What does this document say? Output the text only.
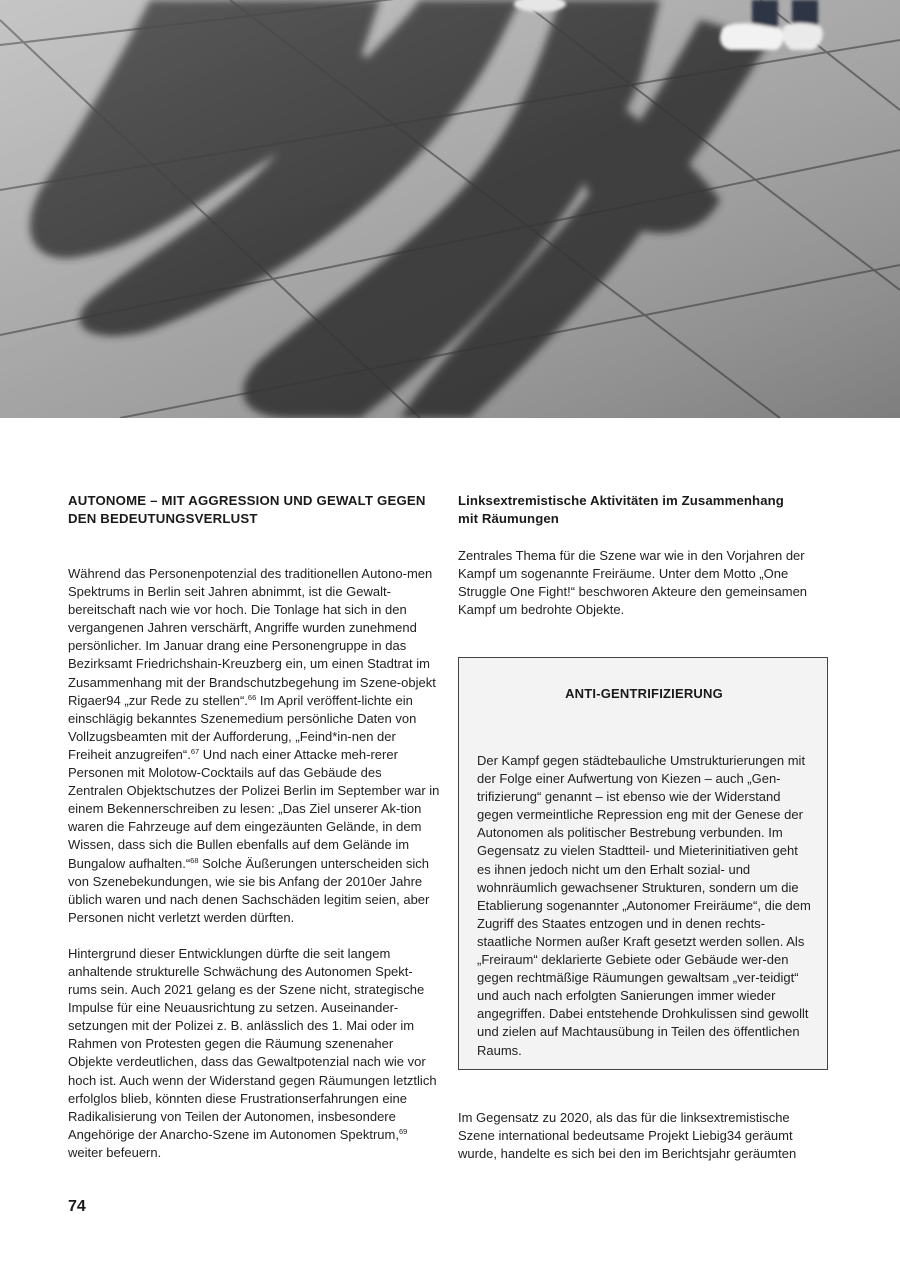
AUTONOME – MIT AGGRESSION UND GEWALT GEGEN
DEN BEDEUTUNGSVERLUST

Während das Personenpotenzial des traditionellen Autono-men Spektrums in Berlin seit Jahren abnimmt, ist die Gewalt-bereitschaft nach wie vor hoch. Die Tonlage hat sich in den vergangenen Jahren verschärft, Angriffe wurden zunehmend persönlicher. Im Januar drang eine Personengruppe in das Bezirksamt Friedrichshain-Kreuzberg ein, um einen Stadtrat im Zusammenhang mit der Brandschutzbegehung im Szene-objekt Rigaer94 „zur Rede zu stellen“.$^{66}$ Im April veröffent-lichte ein einschlägig bekanntes Szenemedium persönliche Daten von Vollzugsbeamten mit der Aufforderung, „Feind*in-nen der Freiheit anzugreifen“.$^{67}$ Und nach einer Attacke meh-rerer Personen mit Molotow-Cocktails auf das Gebäude des Zentralen Objektschutzes der Polizei Berlin im September war in einem Bekennerschreiben zu lesen: „Das Ziel unserer Ak-tion waren die Fahrzeuge auf dem eingezäunten Gelände, in dem Wissen, dass sich die Bullen ebenfalls auf dem Gelände im Bungalow aufhalten.“$^{68}$ Solche Äußerungen unterscheiden sich von Szenebekundungen, wie sie bis Anfang der 2010er Jahre üblich waren und nach denen Sachschäden legitim seien, aber Personen nicht verletzt werden dürften.

Hintergrund dieser Entwicklungen dürfte die seit langem anhaltende strukturelle Schwächung des Autonomen Spekt-rums sein. Auch 2021 gelang es der Szene nicht, strategische Impulse für eine Neuausrichtung zu setzen. Auseinander-setzungen mit der Polizei z. B. anlässlich des 1. Mai oder im Rahmen von Protesten gegen die Räumung szenenaher Objekte verdeutlichen, dass das Gewaltpotenzial nach wie vor hoch ist. Auch wenn der Widerstand gegen Räumungen letztlich erfolglos blieb, könnten diese Frustrationserfahrungen eine Radikalisierung von Teilen der Autonomen, insbesondere Angehörige der Anarcho-Szene im Autonomen Spektrum,$^{69}$ weiter befeuern.

Linksextremistische Aktivitäten im Zusammenhang
mit Räumungen

Zentrales Thema für die Szene war wie in den Vorjahren der Kampf um sogenannte Freiräume. Unter dem Motto „One Struggle One Fight!“ beschworen Akteure den gemeinsamen Kampf um bedrohte Objekte.

ANTI-GENTRIFIZIERUNG

Der Kampf gegen städtebauliche Umstrukturierungen mit der Folge einer Aufwertung von Kiezen – auch „Gen-trifizierung“ genannt – ist ebenso wie der Widerstand gegen vermeintliche Repression eng mit der Genese der Autonomen als politischer Bestrebung verbunden. Im Gegensatz zu vielen Stadtteil- und Mieterinitiativen geht es ihnen jedoch nicht um den Erhalt sozial- und wohnräumlich gewachsener Strukturen, sondern um die Etablierung sogenannter „Autonomer Freiräume“, die dem Zugriff des Staates entzogen und in denen rechts-staatliche Normen außer Kraft gesetzt werden sollen. Als „Freiraum“ deklarierte Gebiete oder Gebäude wer-den gegen rechtmäßige Räumungen gewaltsam „ver-teidigt“ und auch nach erfolgten Sanierungen immer wieder angegriffen. Dabei entstehende Drohkulissen sind gewollt und zielen auf Machtausübung in Teilen des öffentlichen Raums.

Im Gegensatz zu 2020, als das für die linksextremistische Szene international bedeutsame Projekt Liebig34 geräumt wurde, handelte es sich bei den im Berichtsjahr geräumten

74
